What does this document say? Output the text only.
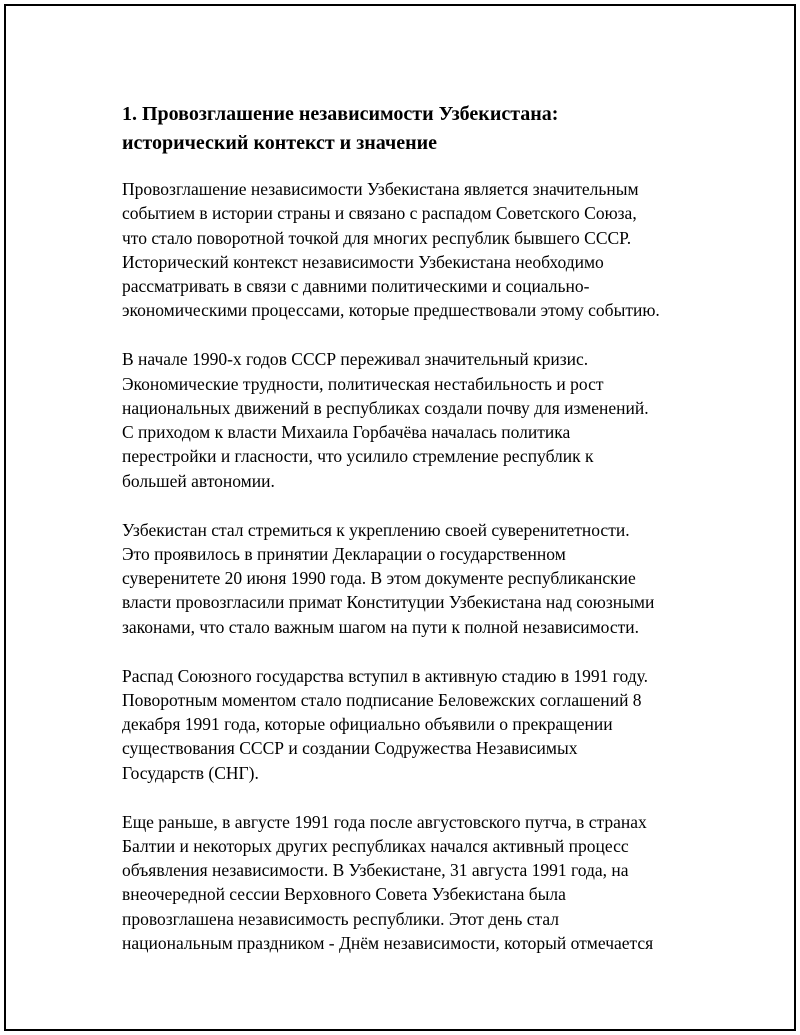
1. Провозглашение независимости Узбекистана:
исторический контекст и значение

Провозглашение независимости Узбекистана является значительным
событием в истории страны и связано с распадом Советского Союза,
что стало поворотной точкой для многих республик бывшего СССР.
Исторический контекст независимости Узбекистана необходимо
рассматривать в связи с давними политическими и социально-
экономическими процессами, которые предшествовали этому событию.

В начале 1990-х годов СССР переживал значительный кризис.
Экономические трудности, политическая нестабильность и рост
национальных движений в республиках создали почву для изменений.
С приходом к власти Михаила Горбачёва началась политика
перестройки и гласности, что усилило стремление республик к
большей автономии.

Узбекистан стал стремиться к укреплению своей суверенитетности.
Это проявилось в принятии Декларации о государственном
суверенитете 20 июня 1990 года. В этом документе республиканские
власти провозгласили примат Конституции Узбекистана над союзными
законами, что стало важным шагом на пути к полной независимости.

Распад Союзного государства вступил в активную стадию в 1991 году.
Поворотным моментом стало подписание Беловежских соглашений 8
декабря 1991 года, которые официально объявили о прекращении
существования СССР и создании Содружества Независимых
Государств (СНГ).

Еще раньше, в августе 1991 года после августовского путча, в странах
Балтии и некоторых других республиках начался активный процесс
объявления независимости. В Узбекистане, 31 августа 1991 года, на
внеочередной сессии Верховного Совета Узбекистана была
провозглашена независимость республики. Этот день стал
национальным праздником - Днём независимости, который отмечается
